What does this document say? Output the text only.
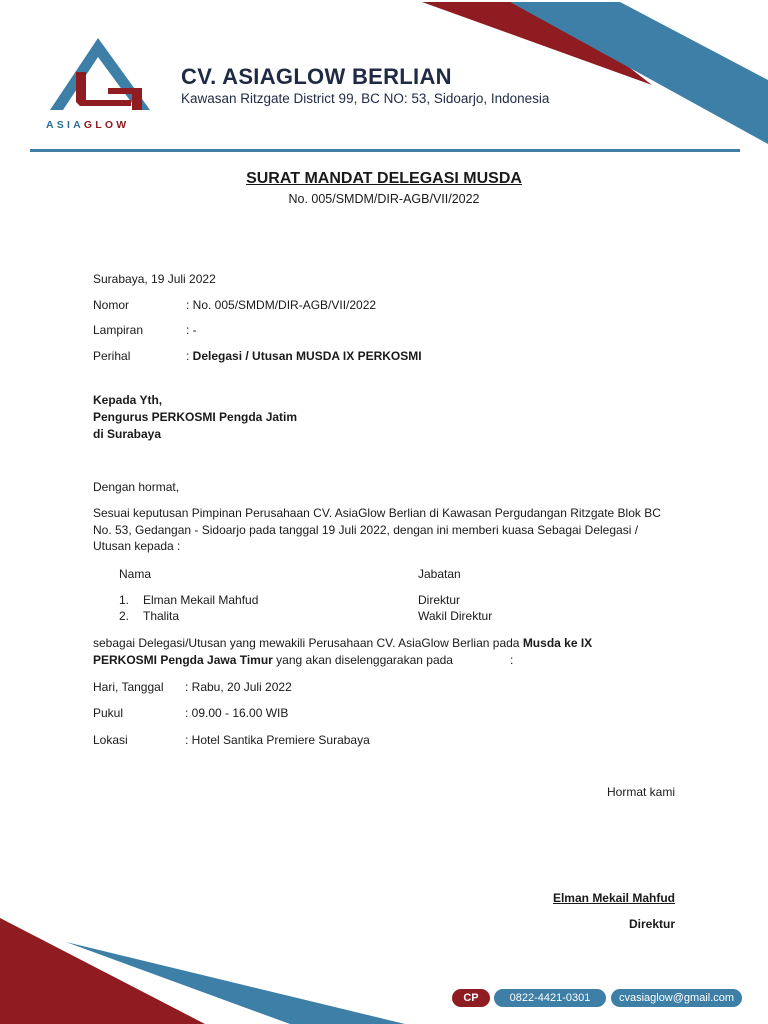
ASIAGLOW
CV. ASIAGLOW BERLIAN
Kawasan Ritzgate District 99, BC NO: 53, Sidoarjo, Indonesia
SURAT MANDAT DELEGASI MUSDA
No. 005/SMDM/DIR-AGB/VII/2022
Surabaya, 19 Juli 2022
Nomor	: No. 005/SMDM/DIR-AGB/VII/2022
Lampiran	: -
Perihal	: Delegasi / Utusan MUSDA IX PERKOSMI
Kepada Yth,
Pengurus PERKOSMI Pengda Jatim
di Surabaya
Dengan hormat,
Sesuai keputusan Pimpinan Perusahaan CV. AsiaGlow Berlian di Kawasan Pergudangan Ritzgate Blok BC No. 53, Gedangan - Sidoarjo pada tanggal 19 Juli 2022, dengan ini memberi kuasa Sebagai Delegasi / Utusan kepada :
Nama	Jabatan
1. Elman Mekail Mahfud	Direktur
2. Thalita	Wakil Direktur
sebagai Delegasi/Utusan yang mewakili Perusahaan CV. AsiaGlow Berlian pada Musda ke IX
PERKOSMI Pengda Jawa Timur yang akan diselenggarakan pada	:
Hari, Tanggal : Rabu, 20 Juli 2022
Pukul	: 09.00 - 16.00 WIB
Lokasi	: Hotel Santika Premiere Surabaya
Hormat kami
Elman Mekail Mahfud
Direktur
CP	0822-4421-0301	cvasiaglow@gmail.com
